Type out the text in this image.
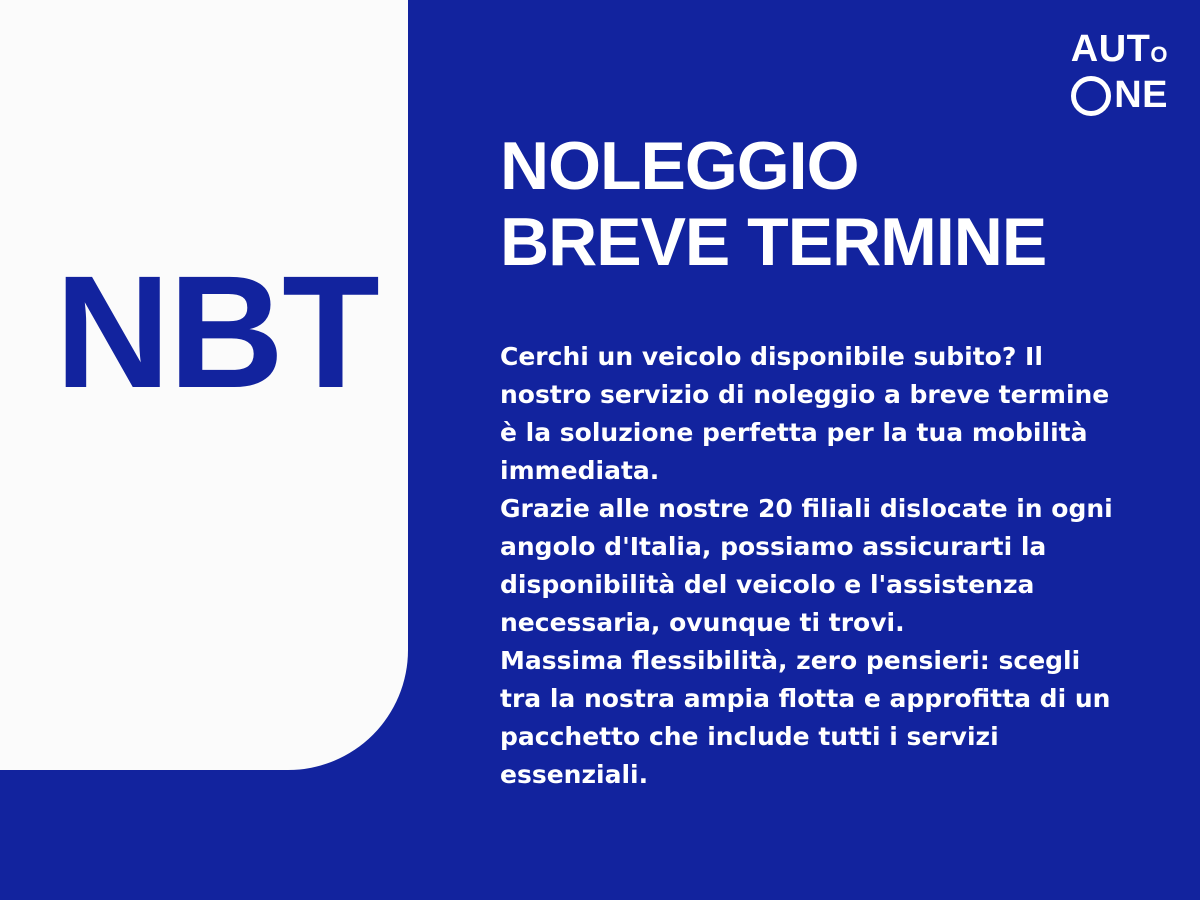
NBT
AUT O
NE
NOLEGGIO
BREVE TERMINE

Cerchi un veicolo disponibile subito? Il nostro servizio di noleggio a breve termine è la soluzione perfetta per la tua mobilità immediata.

Grazie alle nostre 20 filiali dislocate in ogni angolo d'Italia, possiamo assicurarti la disponibilità del veicolo e l'assistenza necessaria, ovunque ti trovi.

Massima flessibilità, zero pensieri: scegli tra la nostra ampia flotta e approfitta di un pacchetto che include tutti i servizi essenziali.
